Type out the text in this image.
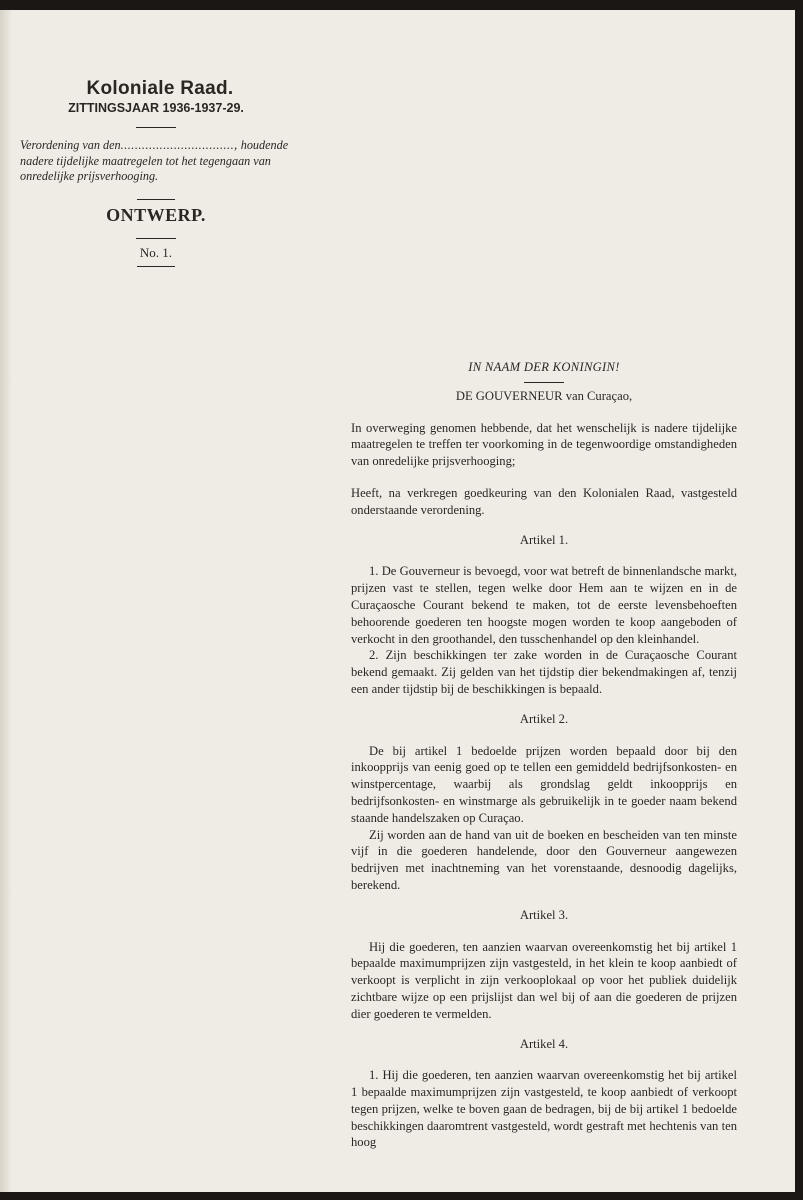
Koloniale Raad.
ZITTINGSJAAR 1936-1937-29.
Verordening van den................................, houdende nadere tijdelijke maatregelen tot het tegengaan van onredelijke prijsverhooging.
ONTWERP.
No. 1.

IN NAAM DER KONINGIN!

DE GOUVERNEUR van Curaçao,

In overweging genomen hebbende, dat het wenschelijk is nadere tijdelijke maatregelen te treffen ter voorkoming in de tegenwoordige omstandigheden van onredelijke prijsverhooging;

Heeft, na verkregen goedkeuring van den Kolonialen Raad, vastgesteld onderstaande verordening.

Artikel 1.

1. De Gouverneur is bevoegd, voor wat betreft de binnenlandsche markt, prijzen vast te stellen, tegen welke door Hem aan te wijzen en in de Curaçaosche Courant bekend te maken, tot de eerste levensbehoeften behoorende goederen ten hoogste mogen worden te koop aangeboden of verkocht in den groothandel, den tusschenhandel op den kleinhandel.

2. Zijn beschikkingen ter zake worden in de Curaçaosche Courant bekend gemaakt. Zij gelden van het tijdstip dier bekendmakingen af, tenzij een ander tijdstip bij de beschikkingen is bepaald.

Artikel 2.

De bij artikel 1 bedoelde prijzen worden bepaald door bij den inkoopprijs van eenig goed op te tellen een gemiddeld bedrijfsonkosten- en winstpercentage, waarbij als grondslag geldt inkoopprijs en bedrijfsonkosten- en winstmarge als gebruikelijk in te goeder naam bekend staande handelszaken op Curaçao.

Zij worden aan de hand van uit de boeken en bescheiden van ten minste vijf in die goederen handelende, door den Gouverneur aangewezen bedrijven met inachtneming van het vorenstaande, desnoodig dagelijks, berekend.

Artikel 3.

Hij die goederen, ten aanzien waarvan overeenkomstig het bij artikel 1 bepaalde maximumprijzen zijn vastgesteld, in het klein te koop aanbiedt of verkoopt is verplicht in zijn verkooplokaal op voor het publiek duidelijk zichtbare wijze op een prijslijst dan wel bij of aan die goederen de prijzen dier goederen te vermelden.

Artikel 4.

1. Hij die goederen, ten aanzien waarvan overeenkomstig het bij artikel 1 bepaalde maximumprijzen zijn vastgesteld, te koop aanbiedt of verkoopt tegen prijzen, welke te boven gaan de bedragen, bij de bij artikel 1 bedoelde beschikkingen daaromtrent vastgesteld, wordt gestraft met hechtenis van ten hoog
